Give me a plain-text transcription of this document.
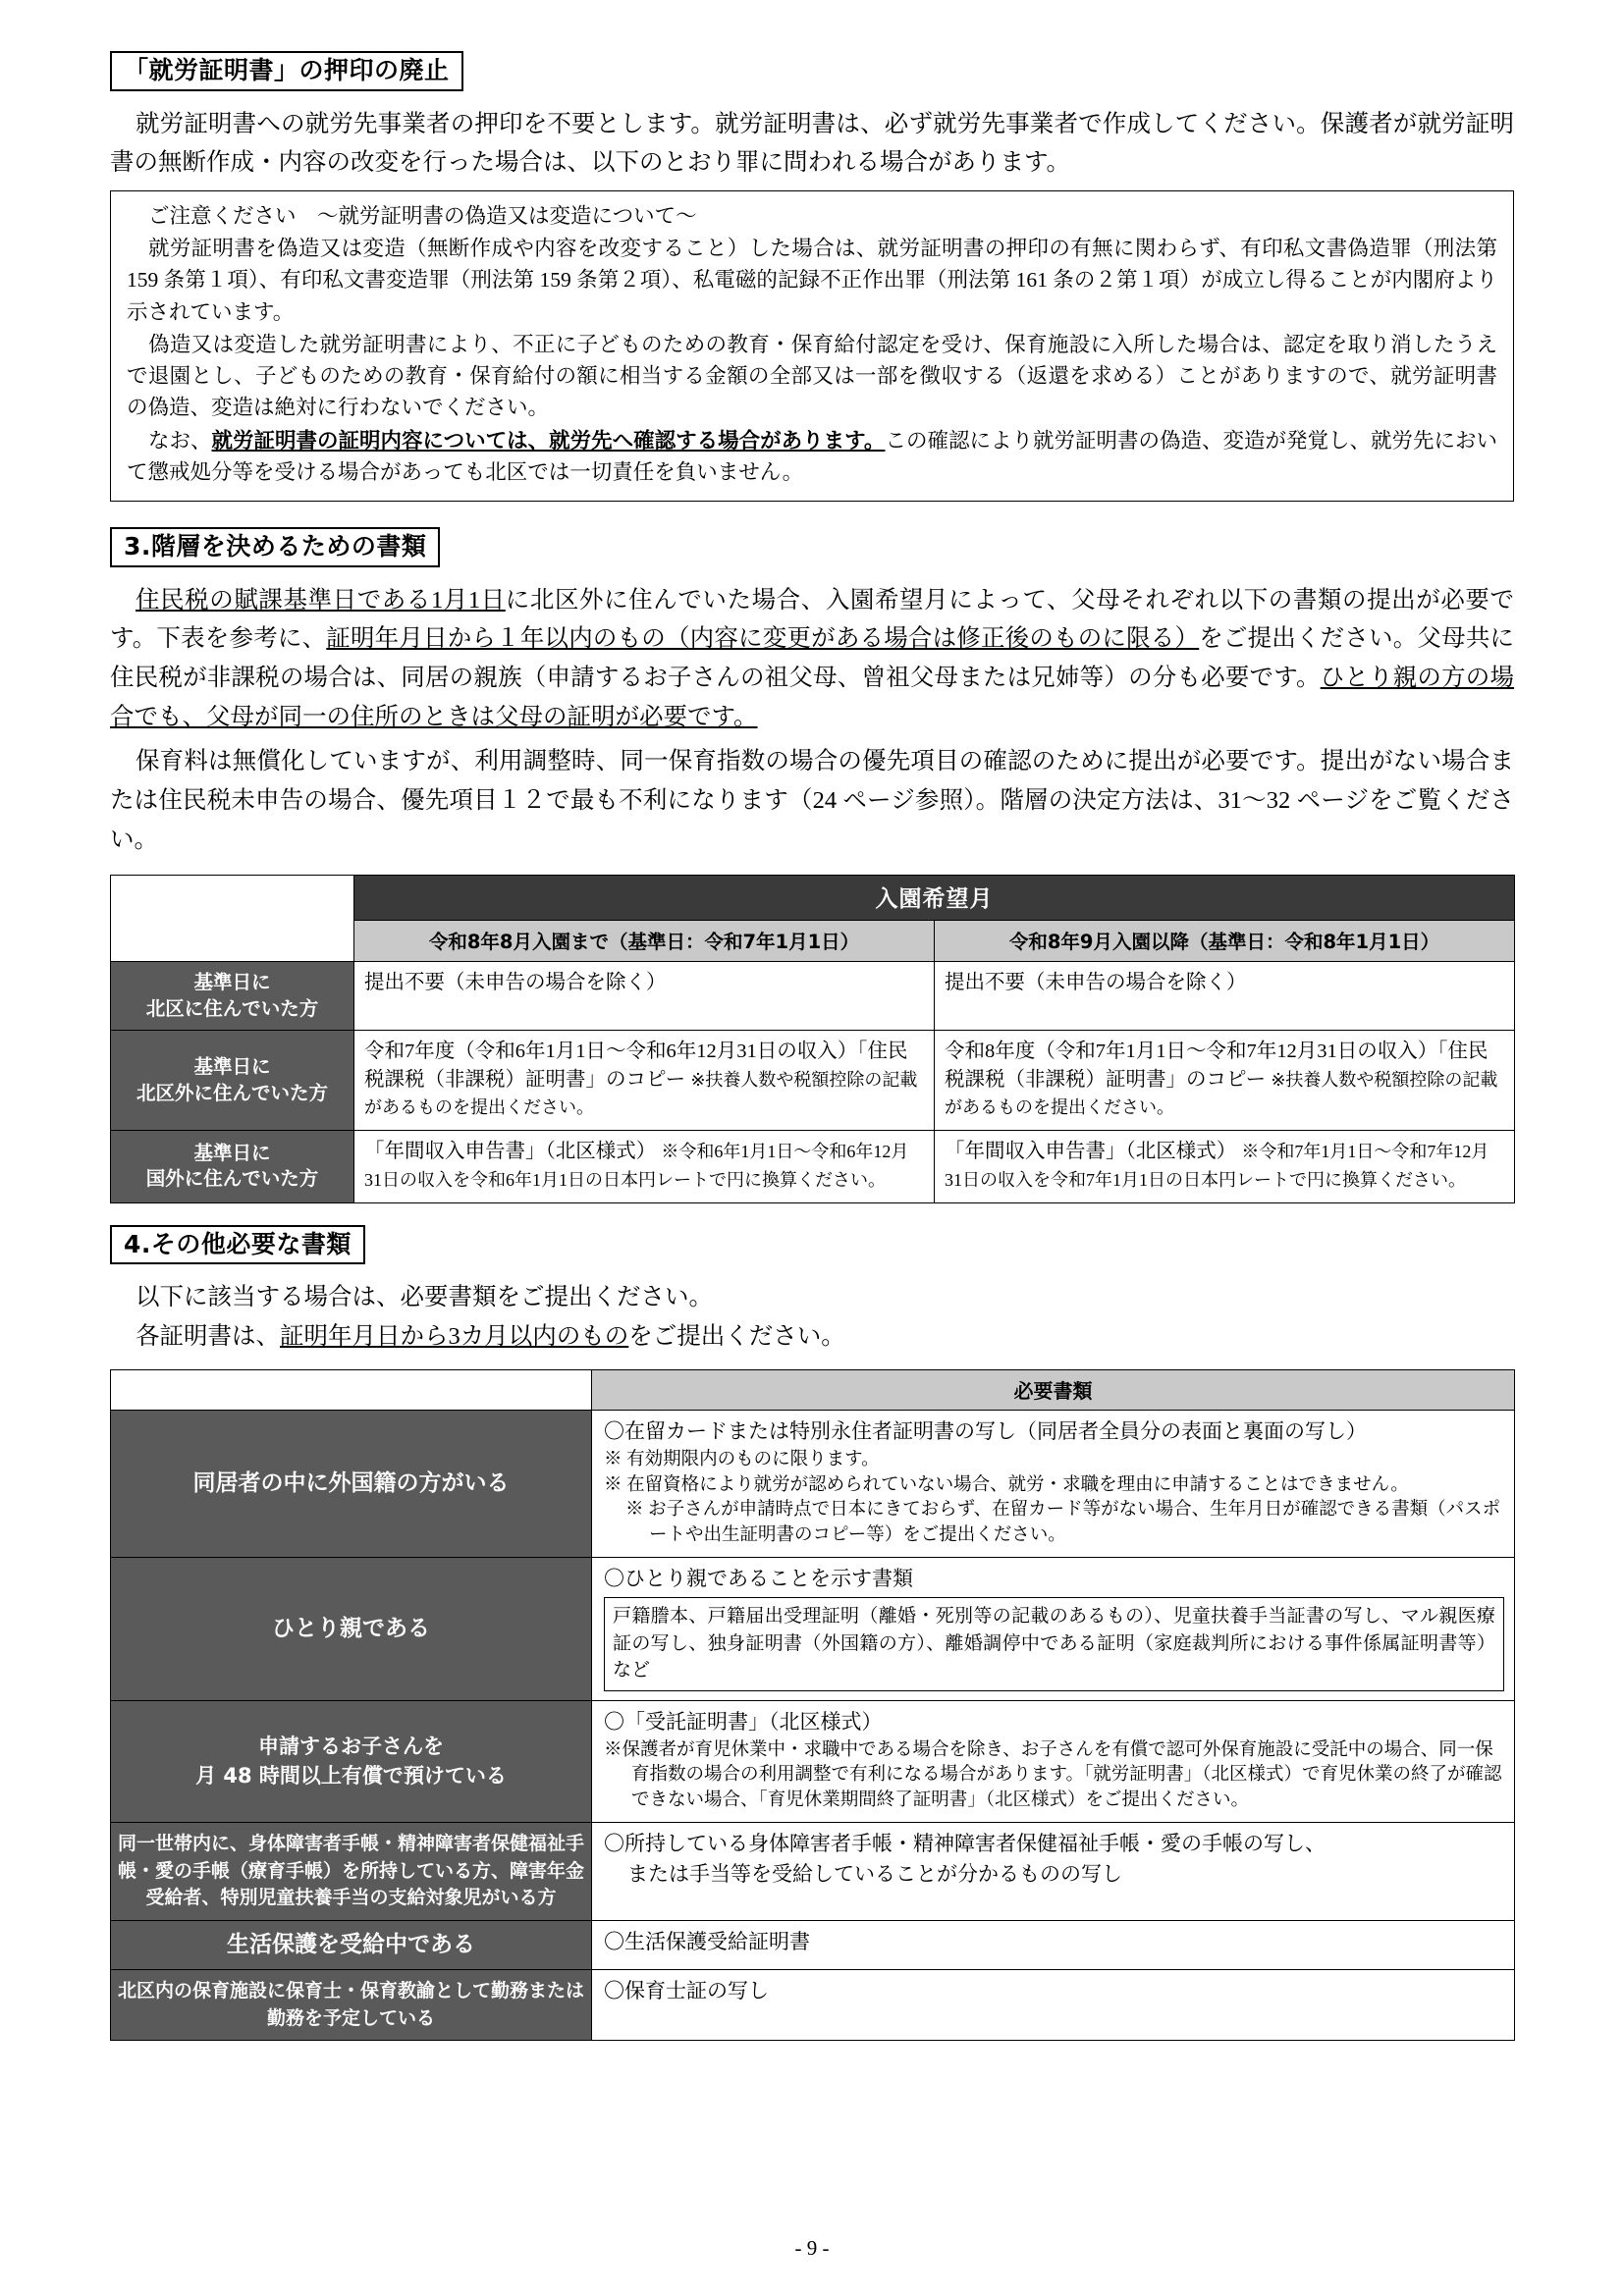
「就労証明書」の押印の廃止

就労証明書への就労先事業者の押印を不要とします。就労証明書は、必ず就労先事業者で作成してください。保護者が就労証明書の無断作成・内容の改変を行った場合は、以下のとおり罪に問われる場合があります。

ご注意ください　〜就労証明書の偽造又は変造について〜

就労証明書を偽造又は変造（無断作成や内容を改変すること）した場合は、就労証明書の押印の有無に関わらず、有印私文書偽造罪（刑法第 159 条第１項）、有印私文書変造罪（刑法第 159 条第２項）、私電磁的記録不正作出罪（刑法第 161 条の２第１項）が成立し得ることが内閣府より示されています。

偽造又は変造した就労証明書により、不正に子どものための教育・保育給付認定を受け、保育施設に入所した場合は、認定を取り消したうえで退園とし、子どものための教育・保育給付の額に相当する金額の全部又は一部を徴収する（返還を求める）ことがありますので、就労証明書の偽造、変造は絶対に行わないでください。

なお、就労証明書の証明内容については、就労先へ確認する場合があります。この確認により就労証明書の偽造、変造が発覚し、就労先において懲戒処分等を受ける場合があっても北区では一切責任を負いません。

3.階層を決めるための書類

住民税の賦課基準日である1月1日に北区外に住んでいた場合、入園希望月によって、父母それぞれ以下の書類の提出が必要です。下表を参考に、証明年月日から１年以内のもの（内容に変更がある場合は修正後のものに限る）をご提出ください。父母共に住民税が非課税の場合は、同居の親族（申請するお子さんの祖父母、曾祖父母または兄姉等）の分も必要です。ひとり親の方の場合でも、父母が同一の住所のときは父母の証明が必要です。

保育料は無償化していますが、利用調整時、同一保育指数の場合の優先項目の確認のために提出が必要です。提出がない場合または住民税未申告の場合、優先項目１２で最も不利になります（24 ページ参照）。階層の決定方法は、31〜32 ページをご覧ください。

	入園希望月	
	令和8年8月入園まで（基準日：令和7年1月1日）	令和8年9月入園以降（基準日：令和8年1月1日）
基準日に
北区に住んでいた方	提出不要（未申告の場合を除く）	提出不要（未申告の場合を除く）
基準日に
北区外に住んでいた方	令和7年度（令和6年1月1日〜令和6年12月31日の収入）「住民税課税（非課税）証明書」のコピー ※扶養人数や税額控除の記載があるものを提出ください。	令和8年度（令和7年1月1日〜令和7年12月31日の収入）「住民税課税（非課税）証明書」のコピー ※扶養人数や税額控除の記載があるものを提出ください。
基準日に
国外に住んでいた方	「年間収入申告書」（北区様式） ※令和6年1月1日〜令和6年12月31日の収入を令和6年1月1日の日本円レートで円に換算ください。	「年間収入申告書」（北区様式） ※令和7年1月1日〜令和7年12月31日の収入を令和7年1月1日の日本円レートで円に換算ください。
4.その他必要な書類

以下に該当する場合は、必要書類をご提出ください。

各証明書は、証明年月日から3カ月以内のものをご提出ください。

	必要書類
同居者の中に外国籍の方がいる	〇在留カードまたは特別永住者証明書の写し（同居者全員分の表面と裏面の写し）
※ 有効期限内のものに限ります。
※ 在留資格により就労が認められていない場合、就労・求職を理由に申請することはできません。
※ お子さんが申請時点で日本にきておらず、在留カード等がない場合、生年月日が確認できる書類（パスポートや出生証明書のコピー等）をご提出ください。

ひとり親である	〇ひとり親であることを示す書類
戸籍謄本、戸籍届出受理証明（離婚・死別等の記載のあるもの）、児童扶養手当証書の写し、マル親医療証の写し、独身証明書（外国籍の方）、離婚調停中である証明（家庭裁判所における事件係属証明書等）など

申請するお子さんを
月 48 時間以上有償で預けている	〇「受託証明書」（北区様式）
※保護者が育児休業中・求職中である場合を除き、お子さんを有償で認可外保育施設に受託中の場合、同一保育指数の場合の利用調整で有利になる場合があります。「就労証明書」（北区様式）で育児休業の終了が確認できない場合、「育児休業期間終了証明書」（北区様式）をご提出ください。

同一世帯内に、身体障害者手帳・精神障害者保健福祉手帳・愛の手帳（療育手帳）を所持している方、障害年金受給者、特別児童扶養手当の支給対象児がいる方	〇所持している身体障害者手帳・精神障害者保健福祉手帳・愛の手帳の写し、
または手当等を受給していることが分かるものの写し

生活保護を受給中である	〇生活保護受給証明書

北区内の保育施設に保育士・保育教諭として勤務または勤務を予定している	〇保育士証の写し
- 9 -
